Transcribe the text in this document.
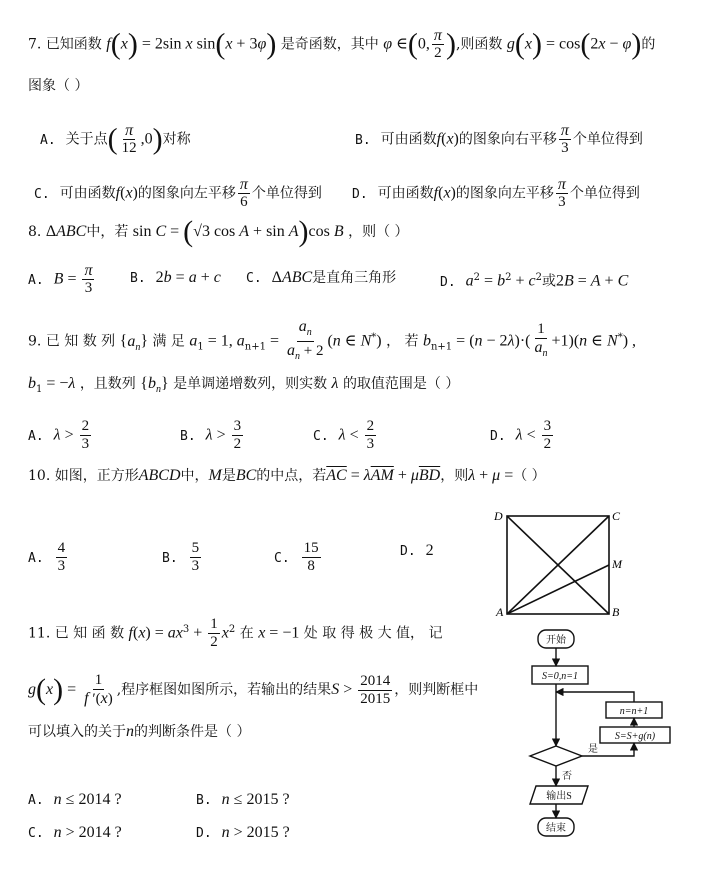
7. 已知函数 f(x) = 2sin x sin(x + 3φ) 是奇函数，其中 φ ∈(0, $\frac{\pi}{2}$ ),则函数 g(x) = cos(2x − φ)的
图象（ ）
A. 关于点( $\frac{\pi}{12} ,0$)对称	B. 可由函数f(x)的图象向右平移 $\frac{\pi}{3}$ 个单位得到
C. 可由函数f(x)的图象向左平移 $\frac{\pi}{6}$ 个单位得到 D. 可由函数f(x)的图象向左平移 $\frac{\pi}{3}$ 个单位得到
8. ΔABC中，若 sin C = (√3 cos A + sin A)cos B ，则（ ）
A. $B = \frac{\pi}{3}$	B. 2b = a + c C. ΔABC是直角三角形	D. $a^2 = b^2 + c^2$或2B = A + C
9. 已 知 数 列 $\{a_n\}$ 满 足 $a_1 = 1$, $a_{n+1} = \frac{a_n}{a_n + 2} (n$ ∈ N*) ， 若 $b_{n+1} = (n - 2\lambda)\cdot( \frac{1}{a_n} +1)(n$ ∈ N*) ,
$b_1 = -\lambda$ ，且数列 $\{b_n\}$ 是单调递增数列，则实数 λ 的取值范围是（ ）
A. $\lambda > \frac{2}{3}$	B. $\lambda > \frac{3}{2}$	C. $\lambda < \frac{2}{3}$	D. $\lambda < \frac{3}{2}$
10. 如图，正方形ABCD中，M是BC的中点，若$\overline{AC} = \lambda\overline{AM} + \mu\overline{BD}$，则λ + μ =（ ）
A. $\frac{4}{3}$	B. $\frac{5}{3}$	C. $\frac{15}{8}$	D. 2
D	C
M
A	B
11. 已 知 函 数 $f(x) = ax^3 + \frac{1}{2} x^2$ 在 x = −1 处 取 得 极 大 值， 记
$g(x) = \frac{1}{f '(x)}$ ,程序框图如图所示，若输出的结果$S > \frac{2014}{2015}$ ，则判断框中
可以填入的关于n的判断条件是（ ）
A. n ≤ 2014 ?	B. n ≤ 2015 ?
C. n > 2014 ?	D. n > 2015 ?
开始
S=0,n=1
n=n+1
S=S+g(n)
是
否
输出S
结束
